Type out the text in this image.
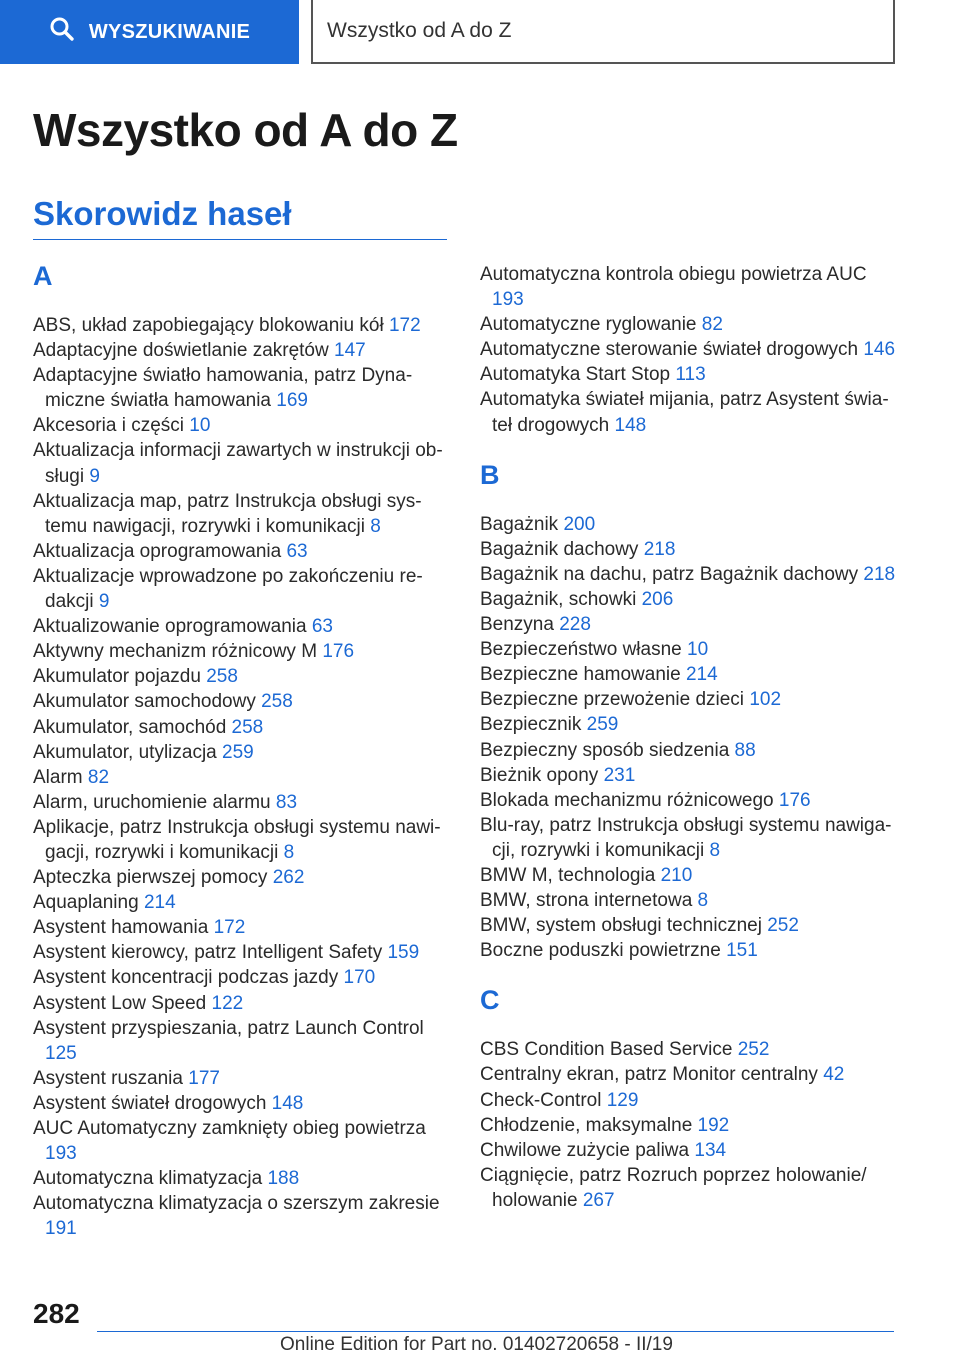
WYSZUKIWANIE	Wszystko od A do Z
Wszystko od A do Z
Skorowidz haseł
A

ABS, układ zapobiegający blokowaniu kół 172

Adaptacyjne doświetlanie zakrętów 147

Adaptacyjne światło hamowania, patrz Dynamiczne światła hamowania 169

Akcesoria i części 10

Aktualizacja informacji zawartych w instrukcji obsługi 9

Aktualizacja map, patrz Instrukcja obsługi systemu nawigacji, rozrywki i komunikacji 8

Aktualizacja oprogramowania 63

Aktualizacje wprowadzone po zakończeniu redakcji 9

Aktualizowanie oprogramowania 63

Aktywny mechanizm różnicowy M 176

Akumulator pojazdu 258

Akumulator samochodowy 258

Akumulator, samochód 258

Akumulator, utylizacja 259

Alarm 82

Alarm, uruchomienie alarmu 83

Aplikacje, patrz Instrukcja obsługi systemu nawigacji, rozrywki i komunikacji 8

Apteczka pierwszej pomocy 262

Aquaplaning 214

Asystent hamowania 172

Asystent kierowcy, patrz Intelligent Safety 159

Asystent koncentracji podczas jazdy 170

Asystent Low Speed 122

Asystent przyspieszania, patrz Launch Control 125

Asystent ruszania 177

Asystent świateł drogowych 148

AUC Automatyczny zamknięty obieg powietrza 193

Automatyczna klimatyzacja 188

Automatyczna klimatyzacja o szerszym zakresie 191

Automatyczna kontrola obiegu powietrza AUC 193

Automatyczne ryglowanie 82

Automatyczne sterowanie świateł drogowych 146

Automatyka Start Stop 113

Automatyka świateł mijania, patrz Asystent świateł drogowych 148

B

Bagażnik 200

Bagażnik dachowy 218

Bagażnik na dachu, patrz Bagażnik dachowy 218

Bagażnik, schowki 206

Benzyna 228

Bezpieczeństwo własne 10

Bezpieczne hamowanie 214

Bezpieczne przewożenie dzieci 102

Bezpiecznik 259

Bezpieczny sposób siedzenia 88

Bieżnik opony 231

Blokada mechanizmu różnicowego 176

Blu-ray, patrz Instrukcja obsługi systemu nawigacji, rozrywki i komunikacji 8

BMW M, technologia 210

BMW, strona internetowa 8

BMW, system obsługi technicznej 252

Boczne poduszki powietrzne 151

C

CBS Condition Based Service 252

Centralny ekran, patrz Monitor centralny 42

Check-Control 129

Chłodzenie, maksymalne 192

Chwilowe zużycie paliwa 134

Ciągnięcie, patrz Rozruch poprzez holowanie/ holowanie 267

282
Online Edition for Part no. 01402720658 - II/19
